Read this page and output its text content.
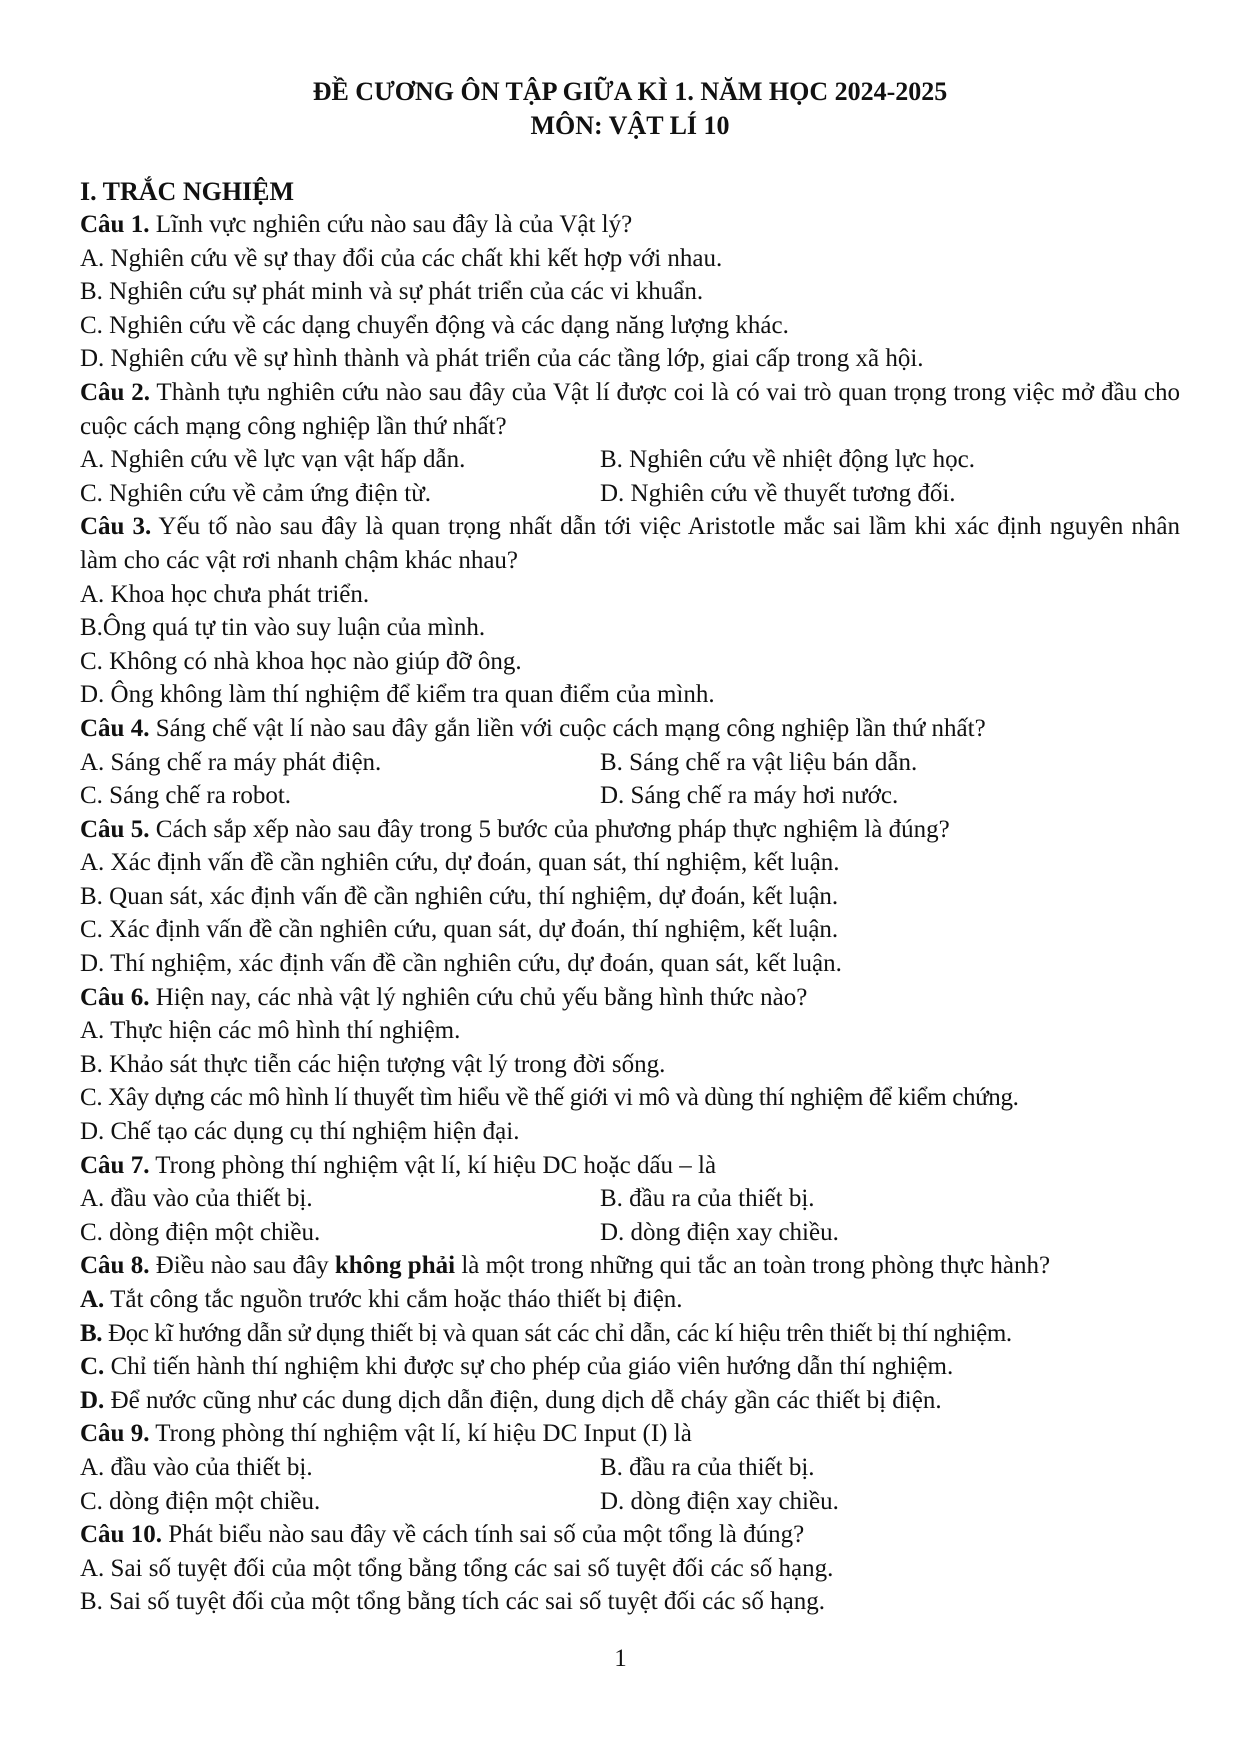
ĐỀ CƯƠNG ÔN TẬP GIỮA KÌ 1. NĂM HỌC 2024-2025

MÔN: VẬT LÍ 10

I. TRẮC NGHIỆM
Câu 1. Lĩnh vực nghiên cứu nào sau đây là của Vật lý?
A. Nghiên cứu về sự thay đổi của các chất khi kết hợp với nhau.
B. Nghiên cứu sự phát minh và sự phát triển của các vi khuẩn.
C. Nghiên cứu về các dạng chuyển động và các dạng năng lượng khác.
D. Nghiên cứu về sự hình thành và phát triển của các tầng lớp, giai cấp trong xã hội.
Câu 2. Thành tựu nghiên cứu nào sau đây của Vật lí được coi là có vai trò quan trọng trong việc mở đầu cho cuộc cách mạng công nghiệp lần thứ nhất?
A. Nghiên cứu về lực vạn vật hấp dẫn.	B. Nghiên cứu về nhiệt động lực học.
C. Nghiên cứu về cảm ứng điện từ.	D. Nghiên cứu về thuyết tương đối.
Câu 3. Yếu tố nào sau đây là quan trọng nhất dẫn tới việc Aristotle mắc sai lầm khi xác định nguyên nhân làm cho các vật rơi nhanh chậm khác nhau?
A. Khoa học chưa phát triển.
B.Ông quá tự tin vào suy luận của mình.
C. Không có nhà khoa học nào giúp đỡ ông.
D. Ông không làm thí nghiệm để kiểm tra quan điểm của mình.
Câu 4. Sáng chế vật lí nào sau đây gắn liền với cuộc cách mạng công nghiệp lần thứ nhất?
A. Sáng chế ra máy phát điện.	B. Sáng chế ra vật liệu bán dẫn.
C. Sáng chế ra robot.	D. Sáng chế ra máy hơi nước.
Câu 5. Cách sắp xếp nào sau đây trong 5 bước của phương pháp thực nghiệm là đúng?
A. Xác định vấn đề cần nghiên cứu, dự đoán, quan sát, thí nghiệm, kết luận.
B. Quan sát, xác định vấn đề cần nghiên cứu, thí nghiệm, dự đoán, kết luận.
C. Xác định vấn đề cần nghiên cứu, quan sát, dự đoán, thí nghiệm, kết luận.
D. Thí nghiệm, xác định vấn đề cần nghiên cứu, dự đoán, quan sát, kết luận.
Câu 6. Hiện nay, các nhà vật lý nghiên cứu chủ yếu bằng hình thức nào?
A. Thực hiện các mô hình thí nghiệm.
B. Khảo sát thực tiễn các hiện tượng vật lý trong đời sống.
C. Xây dựng các mô hình lí thuyết tìm hiểu về thế giới vi mô và dùng thí nghiệm để kiểm chứng.
D. Chế tạo các dụng cụ thí nghiệm hiện đại.
Câu 7. Trong phòng thí nghiệm vật lí, kí hiệu DC hoặc dấu – là
A. đầu vào của thiết bị.	B. đầu ra của thiết bị.
C. dòng điện một chiều.	D. dòng điện xay chiều.
Câu 8. Điều nào sau đây không phải là một trong những qui tắc an toàn trong phòng thực hành?
A. Tắt công tắc nguồn trước khi cắm hoặc tháo thiết bị điện.
B. Đọc kĩ hướng dẫn sử dụng thiết bị và quan sát các chỉ dẫn, các kí hiệu trên thiết bị thí nghiệm.
C. Chỉ tiến hành thí nghiệm khi được sự cho phép của giáo viên hướng dẫn thí nghiệm.
D. Để nước cũng như các dung dịch dẫn điện, dung dịch dễ cháy gần các thiết bị điện.
Câu 9. Trong phòng thí nghiệm vật lí, kí hiệu DC Input (I) là
A. đầu vào của thiết bị.	B. đầu ra của thiết bị.
C. dòng điện một chiều.	D. dòng điện xay chiều.
Câu 10. Phát biểu nào sau đây về cách tính sai số của một tổng là đúng?
A. Sai số tuyệt đối của một tổng bằng tổng các sai số tuyệt đối các số hạng.
B. Sai số tuyệt đối của một tổng bằng tích các sai số tuyệt đối các số hạng.
1
